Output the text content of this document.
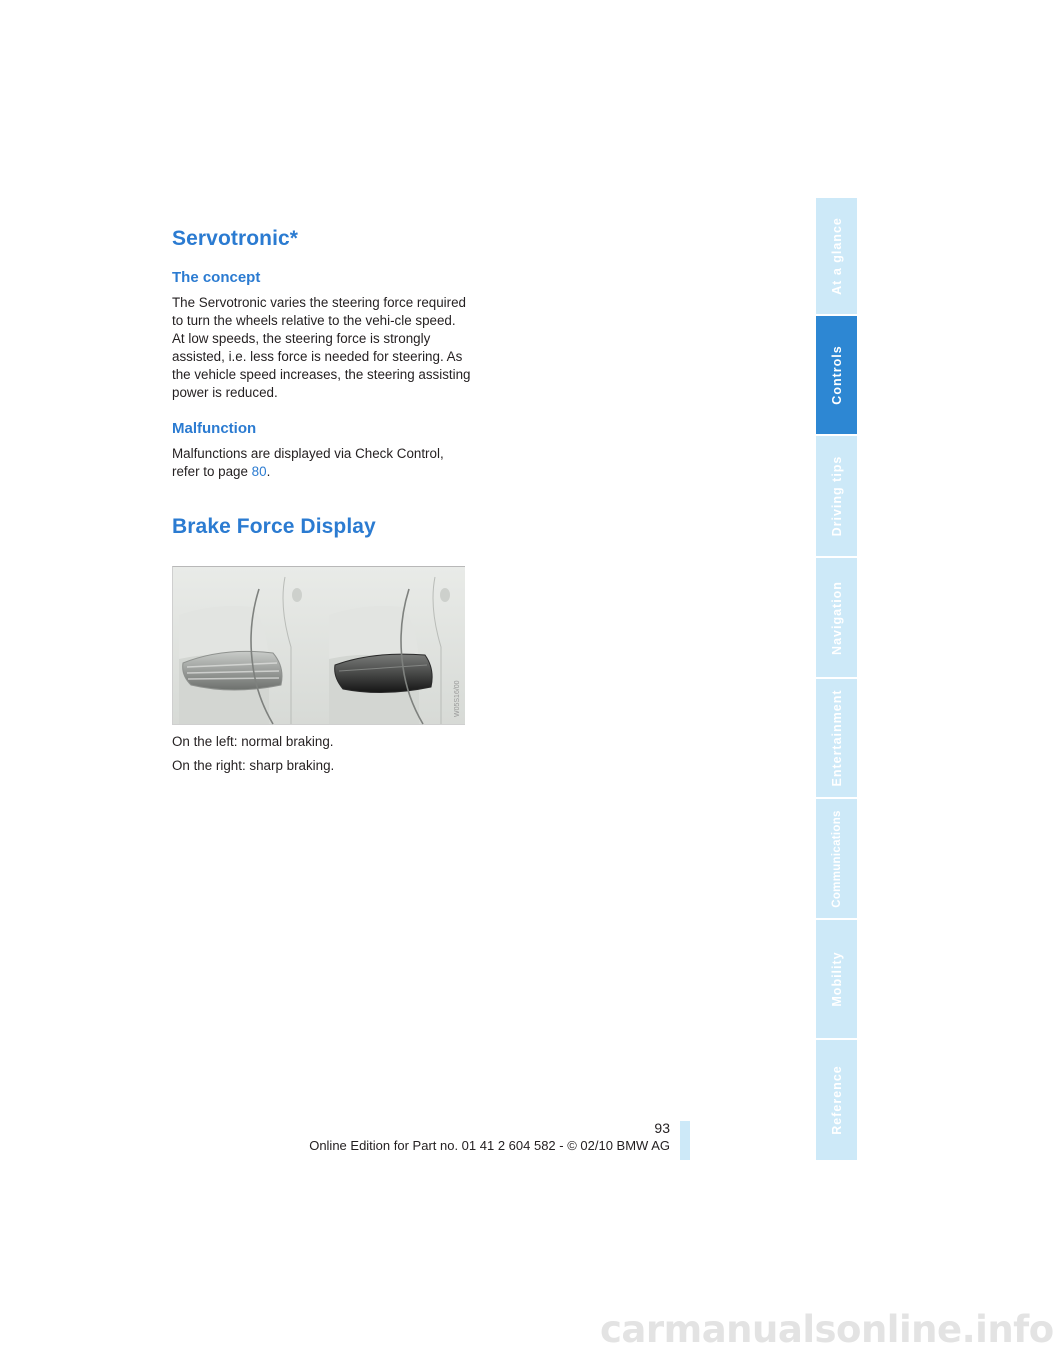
Servotronic*
The concept

The Servotronic varies the steering force required to turn the wheels relative to the vehi-cle speed.

At low speeds, the steering force is strongly assisted, i.e. less force is needed for steering. As the vehicle speed increases, the steering assisting power is reduced.

Malfunction

Malfunctions are displayed via Check Control, refer to page 80.

Brake Force Display
W05S16/00
On the left: normal braking.
On the right: sharp braking.
At a glance
Controls
Driving tips
Navigation
Entertainment
Communications
Mobility
Reference
93
Online Edition for Part no. 01 41 2 604 582 - © 02/10 BMW AG
carmanualsonline.info
